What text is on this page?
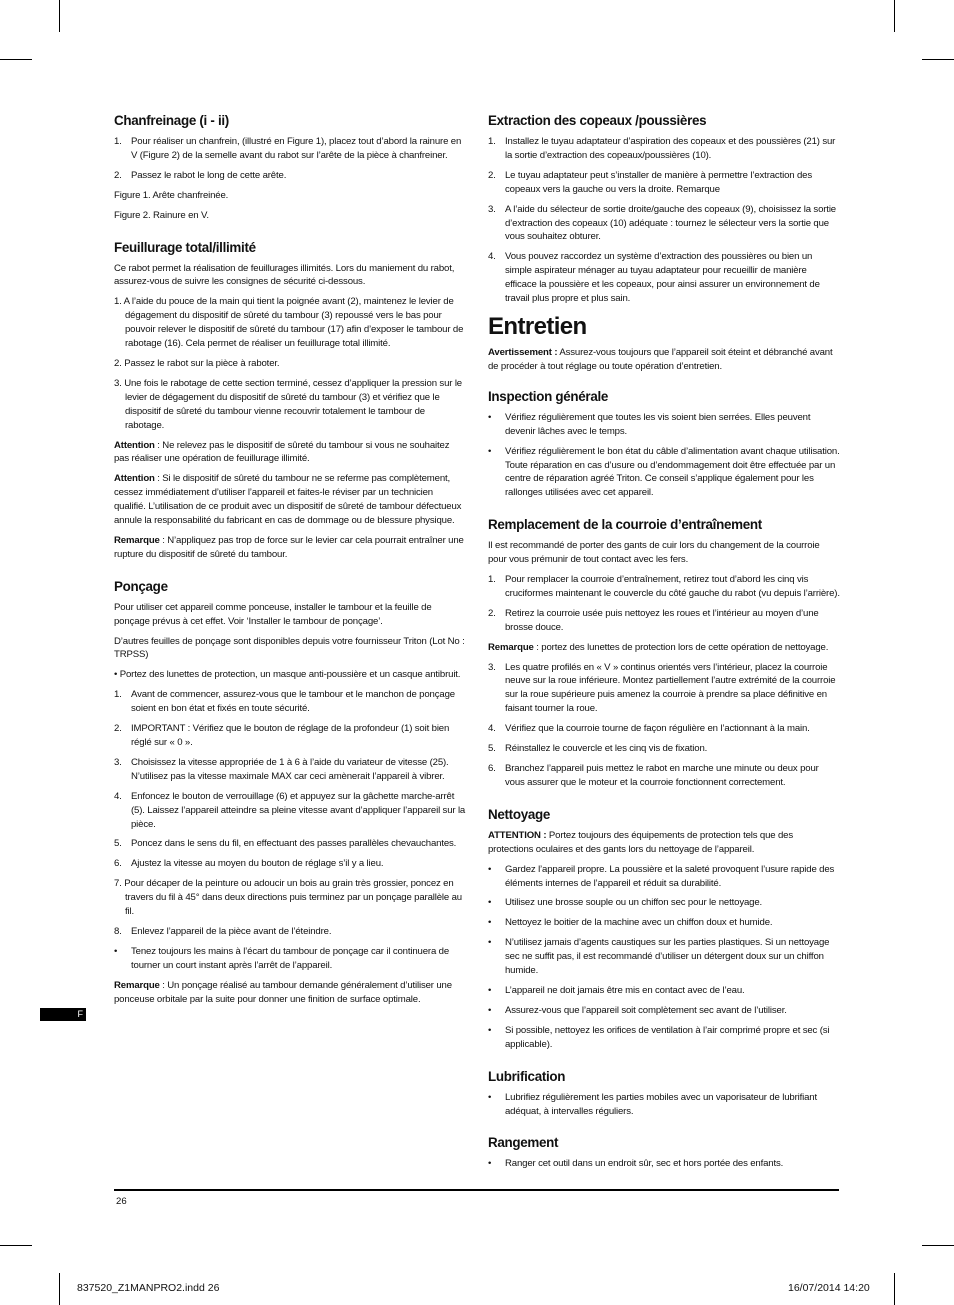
Chanfreinage (i - ii)
1. Pour réaliser un chanfrein, (illustré en Figure 1), placez tout d’abord la rainure en V (Figure 2) de la semelle avant du rabot sur l’arête de la pièce à chanfreiner.
2. Passez le rabot le long de cette arête.

Figure 1. Arête chanfreinée.

Figure 2. Rainure en V.

Feuillurage total/illimité

Ce rabot permet la réalisation de feuillurages illimités. Lors du maniement du rabot, assurez-vous de suivre les consignes de sécurité ci-dessous.

1. A l’aide du pouce de la main qui tient la poignée avant (2), maintenez le levier de dégagement du dispositif de sûreté du tambour (3) repoussé vers le bas pour pouvoir relever le dispositif de sûreté du tambour (17) afin d’exposer le tambour de rabotage (16). Cela permet de réaliser un feuillurage total illimité.
2. Passez le rabot sur la pièce à raboter.
3. Une fois le rabotage de cette section terminé, cessez d’appliquer la pression sur le levier de dégagement du dispositif de sûreté du tambour (3) et vérifiez que le dispositif de sûreté du tambour vienne recouvrir totalement le tambour de rabotage.

Attention : Ne relevez pas le dispositif de sûreté du tambour si vous ne souhaitez pas réaliser une opération de feuillurage illimité.

Attention : Si le dispositif de sûreté du tambour ne se referme pas complètement, cessez immédiatement d’utiliser l’appareil et faites-le réviser par un technicien qualifié. L’utilisation de ce produit avec un dispositif de sûreté de tambour défectueux annule la responsabilité du fabricant en cas de dommage ou de blessure physique.

Remarque : N’appliquez pas trop de force sur le levier car cela pourrait entraîner une rupture du dispositif de sûreté du tambour.

Ponçage

Pour utiliser cet appareil comme ponceuse, installer le tambour et la feuille de ponçage prévus à cet effet. Voir ‘Installer le tambour de ponçage’.

D’autres feuilles de ponçage sont disponibles depuis votre fournisseur Triton (Lot No : TRPSS)

• Portez des lunettes de protection, un masque anti-poussière et un casque antibruit.

1. Avant de commencer, assurez-vous que le tambour et le manchon de ponçage soient en bon état et fixés en toute sécurité.
2. IMPORTANT : Vérifiez que le bouton de réglage de la profondeur (1) soit bien réglé sur « 0 ».
3. Choisissez la vitesse appropriée de 1 à 6 à l’aide du variateur de vitesse (25). N’utilisez pas la vitesse maximale MAX car ceci amènerait l’appareil à vibrer.
4. Enfoncez le bouton de verrouillage (6) et appuyez sur la gâchette marche-arrêt (5). Laissez l’appareil atteindre sa pleine vitesse avant d’appliquer l’appareil sur la pièce.
5. Poncez dans le sens du fil, en effectuant des passes parallèles chevauchantes.
6. Ajustez la vitesse au moyen du bouton de réglage s’il y a lieu.

7. Pour décaper de la peinture ou adoucir un bois au grain très grossier, poncez en travers du fil à 45° dans deux directions puis terminez par un ponçage parallèle au fil.

8. Enlevez l’appareil de la pièce avant de l’éteindre.
• Tenez toujours les mains à l’écart du tambour de ponçage car il continuera de tourner un court instant après l’arrêt de l’appareil.

Remarque : Un ponçage réalisé au tambour demande généralement d’utiliser une ponceuse orbitale par la suite pour donner une finition de surface optimale.

Extraction des copeaux /poussières
1. Installez le tuyau adaptateur d’aspiration des copeaux et des poussières (21) sur la sortie d’extraction des copeaux/poussières (10).
2. Le tuyau adaptateur peut s’installer de manière à permettre l’extraction des copeaux vers la gauche ou vers la droite. Remarque
3. A l’aide du sélecteur de sortie droite/gauche des copeaux (9), choisissez la sortie d’extraction des copeaux (10) adéquate : tournez le sélecteur vers la sortie que vous souhaitez obturer.
4. Vous pouvez raccordez un système d’extraction des poussières ou bien un simple aspirateur ménager au tuyau adaptateur pour recueillir de manière efficace la poussière et les copeaux, pour ainsi assurer un environnement de travail plus propre et plus sain.
Entretien

Avertissement : Assurez-vous toujours que l’appareil soit éteint et débranché avant de procéder à tout réglage ou toute opération d’entretien.

Inspection générale
• Vérifiez régulièrement que toutes les vis soient bien serrées. Elles peuvent devenir lâches avec le temps.
• Vérifiez régulièrement le bon état du câble d’alimentation avant chaque utilisation. Toute réparation en cas d’usure ou d’endommagement doit être effectuée par un centre de réparation agréé Triton. Ce conseil s’applique également pour les rallonges utilisées avec cet appareil.
Remplacement de la courroie d’entraînement

Il est recommandé de porter des gants de cuir lors du changement de la courroie pour vous prémunir de tout contact avec les fers.

1. Pour remplacer la courroie d’entraînement, retirez tout d’abord les cinq vis cruciformes maintenant le couvercle du côté gauche du rabot (vu depuis l’arrière).
2. Retirez la courroie usée puis nettoyez les roues et l’intérieur au moyen d’une brosse douce.

Remarque : portez des lunettes de protection lors de cette opération de nettoyage.

3. Les quatre profilés en « V » continus orientés vers l’intérieur, placez la courroie neuve sur la roue inférieure. Montez partiellement l’autre extrémité de la courroie sur la roue supérieure puis amenez la courroie à prendre sa place définitive en faisant tourner la roue.
4. Vérifiez que la courroie tourne de façon régulière en l’actionnant à la main.
5. Réinstallez le couvercle et les cinq vis de fixation.
6. Branchez l’appareil puis mettez le rabot en marche une minute ou deux pour vous assurer que le moteur et la courroie fonctionnent correctement.
Nettoyage

ATTENTION : Portez toujours des équipements de protection tels que des protections oculaires et des gants lors du nettoyage de l’appareil.

• Gardez l’appareil propre. La poussière et la saleté provoquent l’usure rapide des éléments internes de l’appareil et réduit sa durabilité.
• Utilisez une brosse souple ou un chiffon sec pour le nettoyage.
• Nettoyez le boitier de la machine avec un chiffon doux et humide.
• N’utilisez jamais d’agents caustiques sur les parties plastiques. Si un nettoyage sec ne suffit pas, il est recommandé d’utiliser un détergent doux sur un chiffon humide.
• L’appareil ne doit jamais être mis en contact avec de l’eau.
• Assurez-vous que l’appareil soit complètement sec avant de l’utiliser.
• Si possible, nettoyez les orifices de ventilation à l’air comprimé propre et sec (si applicable).
Lubrification
• Lubrifiez régulièrement les parties mobiles avec un vaporisateur de lubrifiant adéquat, à intervalles réguliers.
Rangement
• Ranger cet outil dans un endroit sûr, sec et hors portée des enfants.
F
26
837520_Z1MANPRO2.indd 26	16/07/2014 14:20
